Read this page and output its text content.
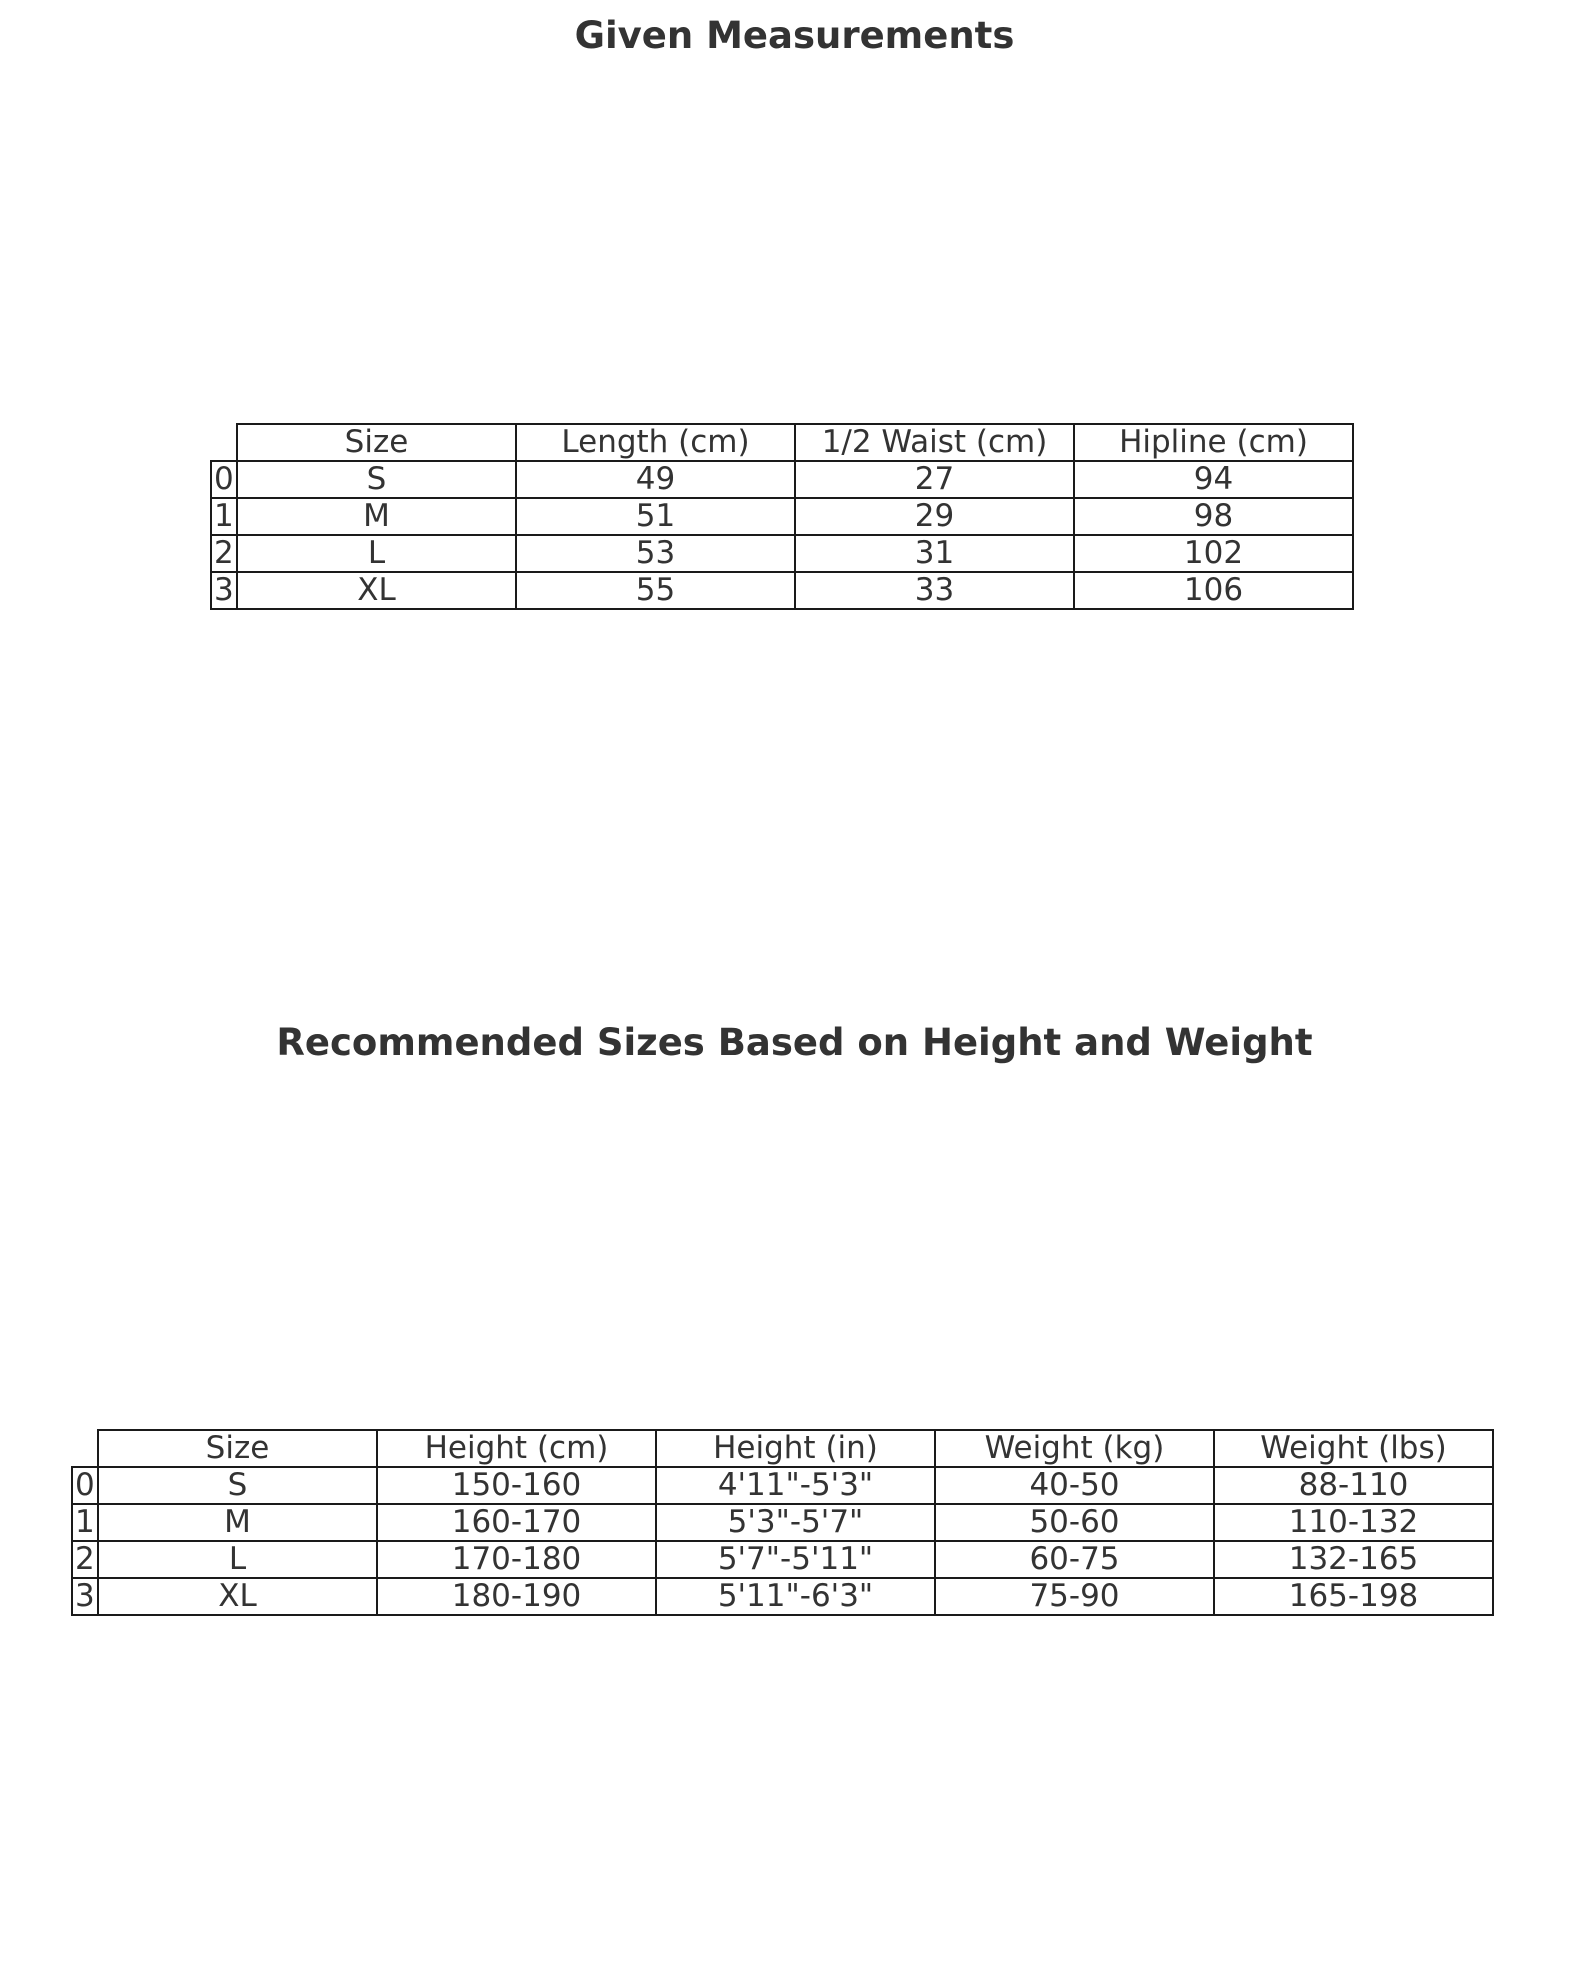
Given Measurements
	Size	Length (cm)	1/2 Waist (cm)	Hipline (cm)
0	S	49	27	94
1	M	51	29	98
2	L	53	31	102
3	XL	55	33	106
Recommended Sizes Based on Height and Weight
	Size	Height (cm)	Height (in)	Weight (kg)	Weight (lbs)
0	S	150-160	4'11"-5'3"	40-50	88-110
1	M	160-170	5'3"-5'7"	50-60	110-132
2	L	170-180	5'7"-5'11"	60-75	132-165
3	XL	180-190	5'11"-6'3"	75-90	165-198
